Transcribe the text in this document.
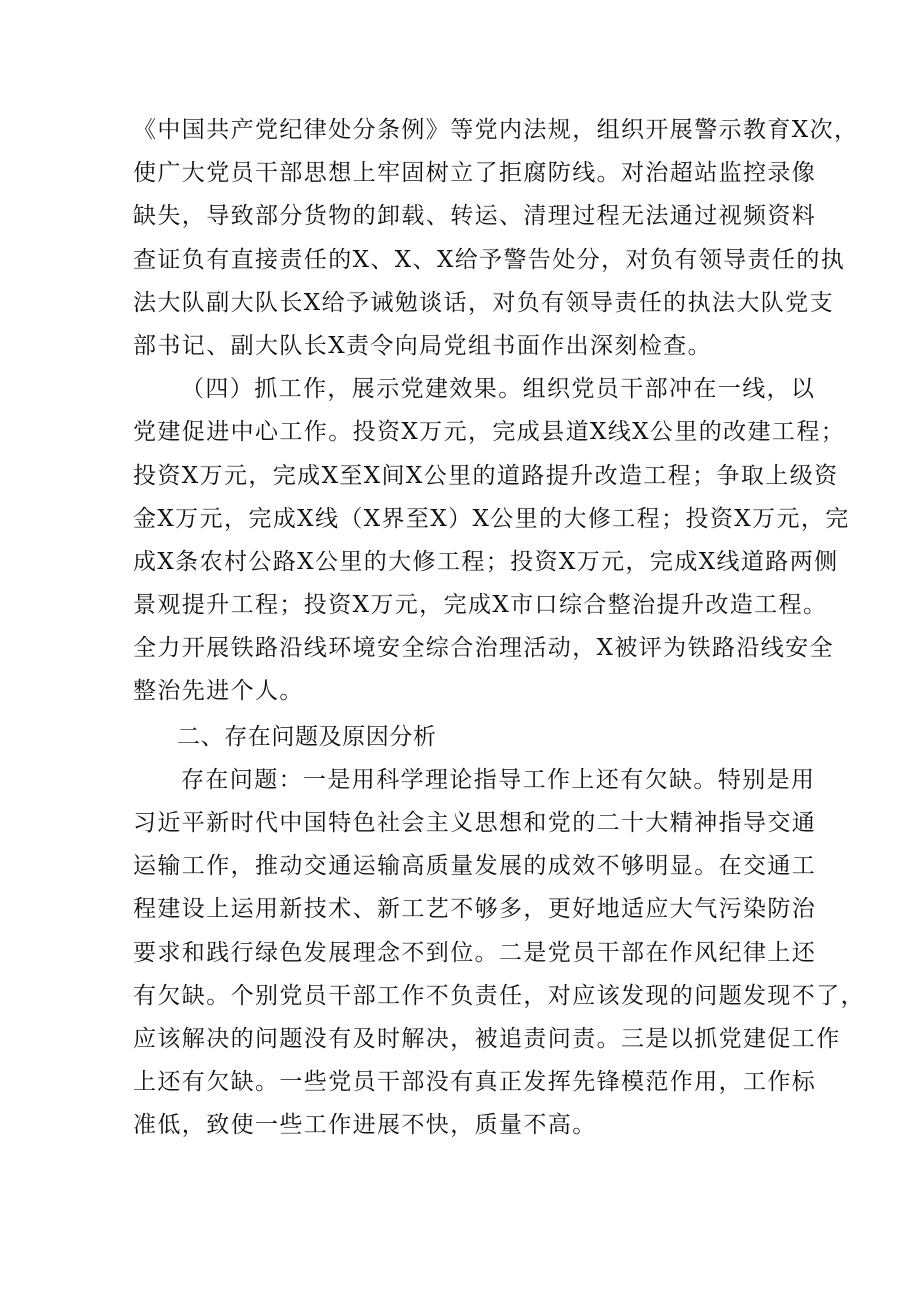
《中国共产党纪律处分条例》等党内法规，组织开展警示教育X次，
使广大党员干部思想上牢固树立了拒腐防线。对治超站监控录像
缺失，导致部分货物的卸载、转运、清理过程无法通过视频资料
查证负有直接责任的X、X、X给予警告处分，对负有领导责任的执
法大队副大队长X给予诫勉谈话，对负有领导责任的执法大队党支
部书记、副大队长X责令向局党组书面作出深刻检查。
（四）抓工作，展示党建效果。组织党员干部冲在一线，以
党建促进中心工作。投资X万元，完成县道X线X公里的改建工程；
投资X万元，完成X至X间X公里的道路提升改造工程；争取上级资
金X万元，完成X线（X界至X）X公里的大修工程；投资X万元，完
成X条农村公路X公里的大修工程；投资X万元，完成X线道路两侧
景观提升工程；投资X万元，完成X市口综合整治提升改造工程。
全力开展铁路沿线环境安全综合治理活动，X被评为铁路沿线安全
整治先进个人。
二、存在问题及原因分析
存在问题：一是用科学理论指导工作上还有欠缺。特别是用
习近平新时代中国特色社会主义思想和党的二十大精神指导交通
运输工作，推动交通运输高质量发展的成效不够明显。在交通工
程建设上运用新技术、新工艺不够多，更好地适应大气污染防治
要求和践行绿色发展理念不到位。二是党员干部在作风纪律上还
有欠缺。个别党员干部工作不负责任，对应该发现的问题发现不了，
应该解决的问题没有及时解决，被追责问责。三是以抓党建促工作
上还有欠缺。一些党员干部没有真正发挥先锋模范作用，工作标
准低，致使一些工作进展不快，质量不高。
